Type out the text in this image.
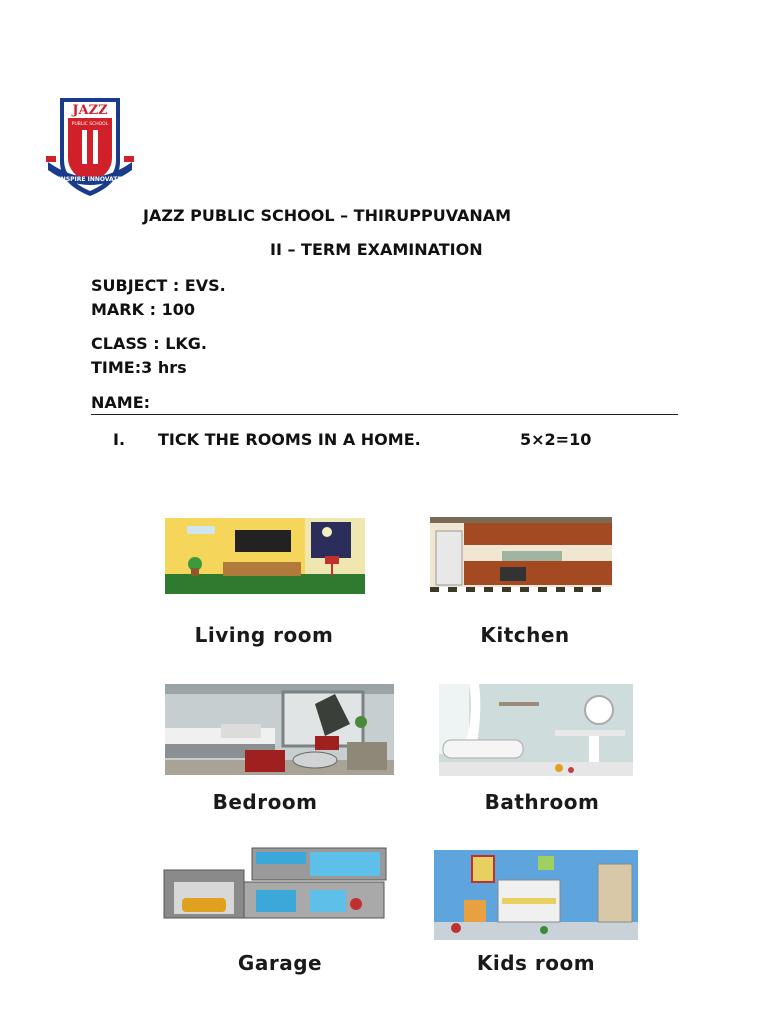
JAZZ
PUBLIC SCHOOL
INSPIRE INNOVATE
JAZZ PUBLIC SCHOOL – THIRUPPUVANAM
II – TERM EXAMINATION
SUBJECT : EVS.
MARK : 100
CLASS : LKG.
TIME:3 hrs
NAME:
I. TICK THE ROOMS IN A HOME.	5×2=10
Living room	Kitchen
Bedroom	Bathroom
Garage	Kids room
